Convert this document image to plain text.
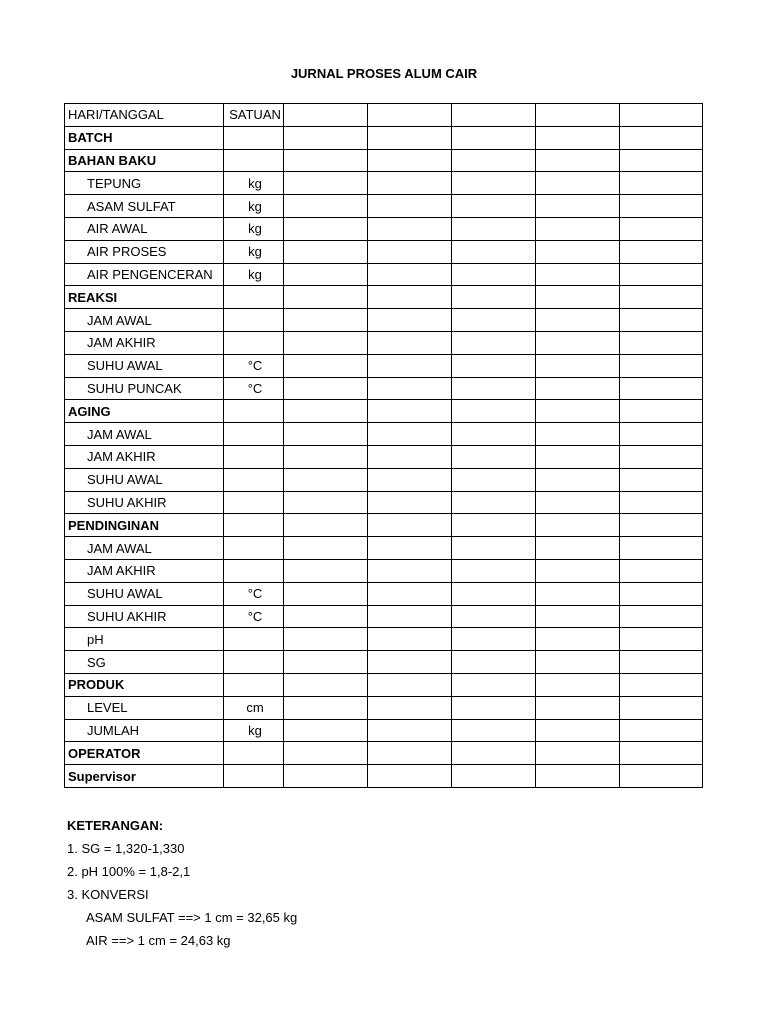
JURNAL PROSES ALUM CAIR
HARI/TANGGAL	SATUAN					
BATCH						
BAHAN BAKU						
TEPUNG	kg					
ASAM SULFAT	kg					
AIR AWAL	kg					
AIR PROSES	kg					
AIR PENGENCERAN	kg					
REAKSI						
JAM AWAL						
JAM AKHIR						
SUHU AWAL	°C					
SUHU PUNCAK	°C					
AGING						
JAM AWAL						
JAM AKHIR						
SUHU AWAL						
SUHU AKHIR						
PENDINGINAN						
JAM AWAL						
JAM AKHIR						
SUHU AWAL	°C					
SUHU AKHIR	°C					
pH						
SG						
PRODUK						
LEVEL	cm					
JUMLAH	kg					
OPERATOR						
Supervisor						
KETERANGAN:
1. SG = 1,320-1,330
2. pH 100% = 1,8-2,1
3. KONVERSI
ASAM SULFAT ==> 1 cm = 32,65 kg
AIR ==> 1 cm = 24,63 kg
